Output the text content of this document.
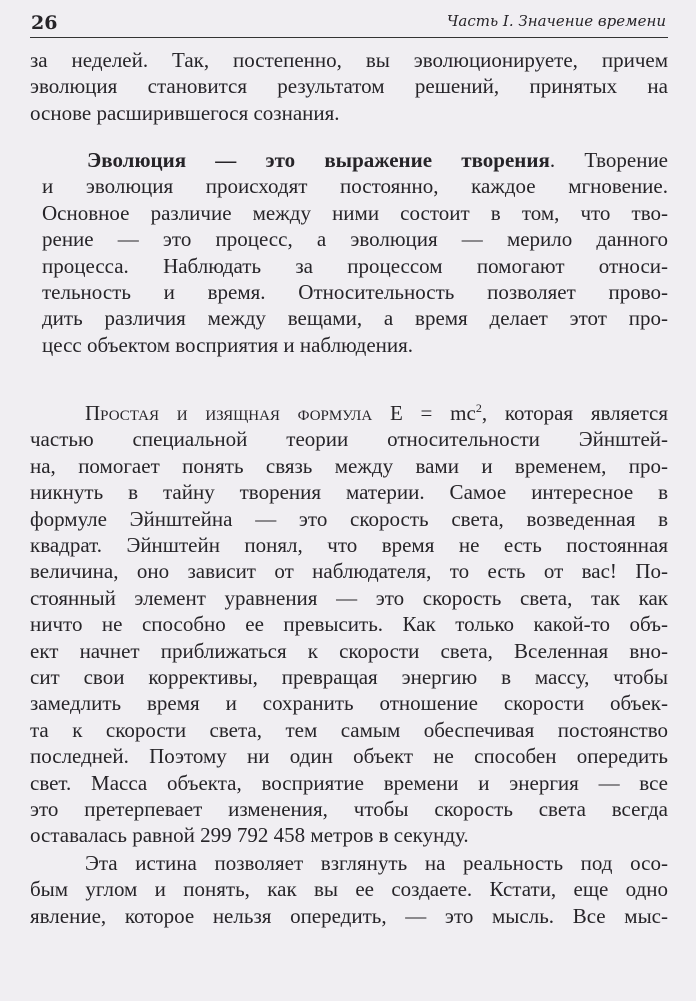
26	Часть I. Значение времени
за неделей. Так, постепенно, вы эволюционируете, причем
эволюция становится результатом решений, принятых на
основе расширившегося сознания.
Эволюция — это выражение творения. Творение
и эволюция происходят постоянно, каждое мгновение.
Основное различие между ними состоит в том, что тво-
рение — это процесс, а эволюция — мерило данного
процесса. Наблюдать за процессом помогают относи-
тельность и время. Относительность позволяет прово-
дить различия между вещами, а время делает этот про-
цесс объектом восприятия и наблюдения.
Простая и изящная формула $E = mc^2$, которая является
частью специальной теории относительности Эйнштей-
на, помогает понять связь между вами и временем, про-
никнуть в тайну творения материи. Самое интересное в
формуле Эйнштейна — это скорость света, возведенная в
квадрат. Эйнштейн понял, что время не есть постоянная
величина, оно зависит от наблюдателя, то есть от вас! По-
стоянный элемент уравнения — это скорость света, так как
ничто не способно ее превысить. Как только какой-то объ-
ект начнет приближаться к скорости света, Вселенная вно-
сит свои коррективы, превращая энергию в массу, чтобы
замедлить время и сохранить отношение скорости объек-
та к скорости света, тем самым обеспечивая постоянство
последней. Поэтому ни один объект не способен опередить
свет. Масса объекта, восприятие времени и энергия — все
это претерпевает изменения, чтобы скорость света всегда
оставалась равной 299 792 458 метров в секунду.
Эта истина позволяет взглянуть на реальность под осо-
бым углом и понять, как вы ее создаете. Кстати, еще одно
явление, которое нельзя опередить, — это мысль. Все мыс-
